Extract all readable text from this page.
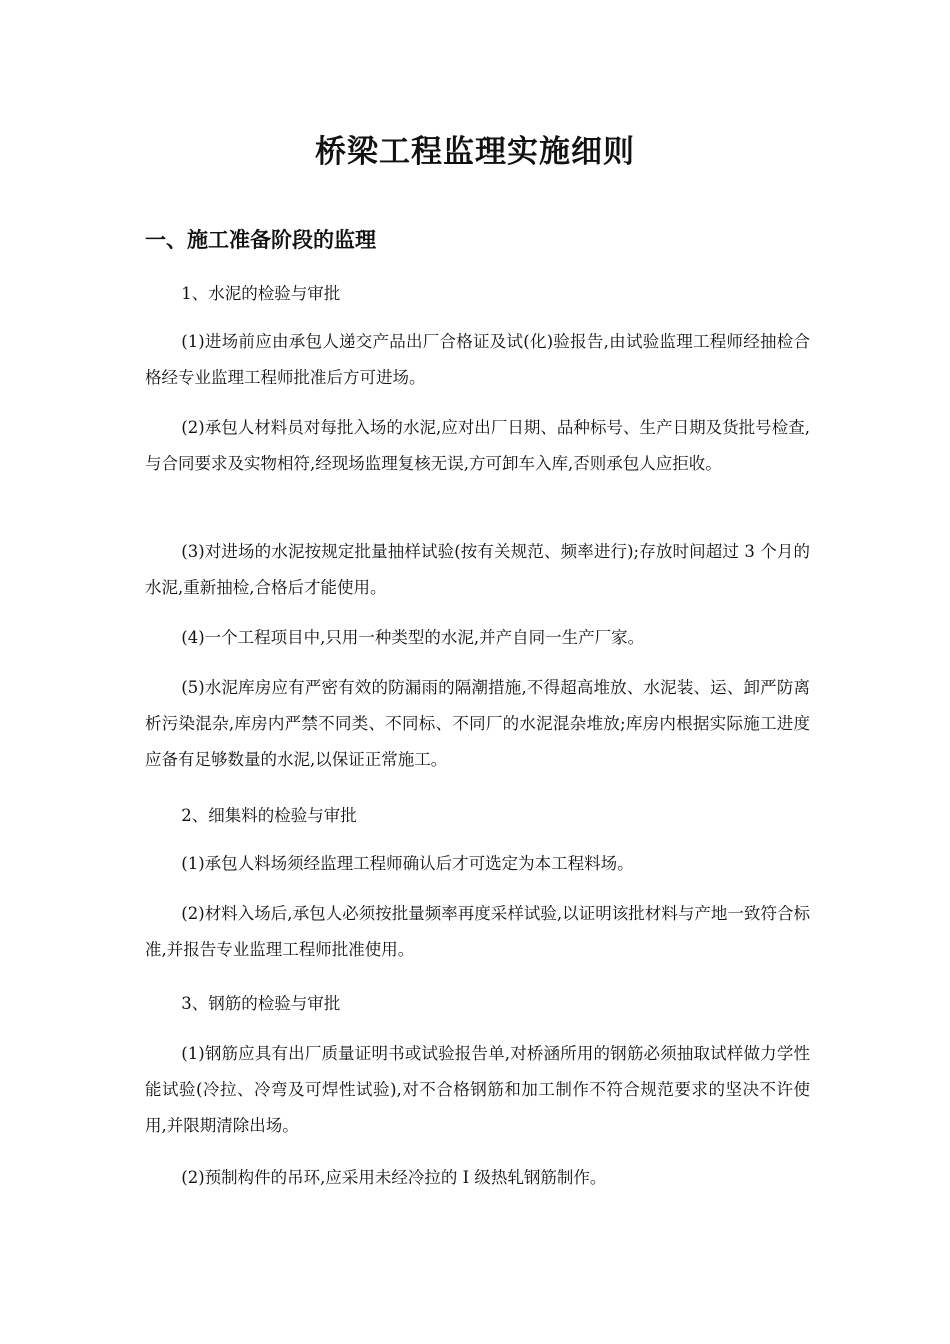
桥梁工程监理实施细则
一、施工准备阶段的监理

1、水泥的检验与审批

(1)进场前应由承包人递交产品出厂合格证及试(化)验报告,由试验监理工程师经抽检合格经专业监理工程师批准后方可进场。

(2)承包人材料员对每批入场的水泥,应对出厂日期、品种标号、生产日期及货批号检查,与合同要求及实物相符,经现场监理复核无误,方可卸车入库,否则承包人应拒收。

(3)对进场的水泥按规定批量抽样试验(按有关规范、频率进行);存放时间超过 3 个月的水泥,重新抽检,合格后才能使用。

(4)一个工程项目中,只用一种类型的水泥,并产自同一生产厂家。

(5)水泥库房应有严密有效的防漏雨的隔潮措施,不得超高堆放、水泥装、运、卸严防离析污染混杂,库房内严禁不同类、不同标、不同厂的水泥混杂堆放;库房内根据实际施工进度应备有足够数量的水泥,以保证正常施工。

2、细集料的检验与审批

(1)承包人料场须经监理工程师确认后才可选定为本工程料场。

(2)材料入场后,承包人必须按批量频率再度采样试验,以证明该批材料与产地一致符合标准,并报告专业监理工程师批准使用。

3、钢筋的检验与审批

(1)钢筋应具有出厂质量证明书或试验报告单,对桥涵所用的钢筋必须抽取试样做力学性能试验(冷拉、冷弯及可焊性试验),对不合格钢筋和加工制作不符合规范要求的坚决不许使用,并限期清除出场。

(2)预制构件的吊环,应采用未经冷拉的 I 级热轧钢筋制作。
